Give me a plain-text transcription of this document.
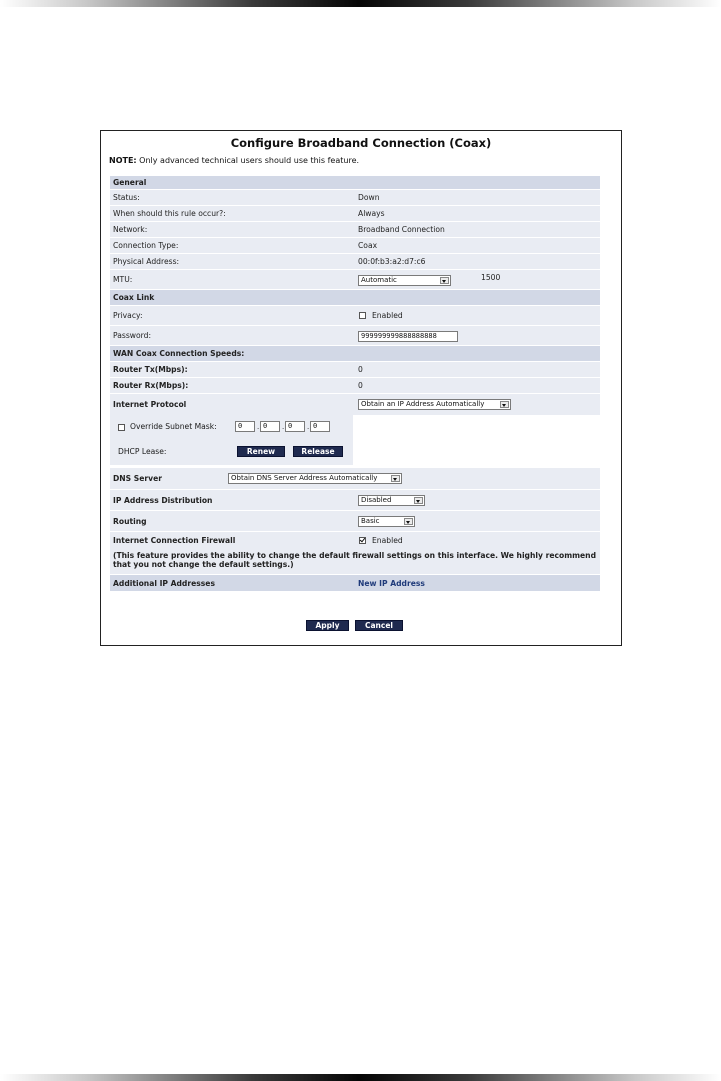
Configure Broadband Connection (Coax)
NOTE: Only advanced technical users should use this feature.
General
Status:	Down
When should this rule occur?:	Always
Network:	Broadband Connection
Connection Type:	Coax
Physical Address:	00:0f:b3:a2:d7:c6
MTU:	Automatic	1500
Coax Link
Privacy:	Enabled
Password:	999999999888888888
WAN Coax Connection Speeds:
Router Tx(Mbps):	0
Router Rx(Mbps):	0
Internet Protocol	Obtain an IP Address Automatically
Override Subnet Mask:	0	. 0	. 0	. 0
DHCP Lease:	Renew	Release
DNS Server	Obtain DNS Server Address Automatically
IP Address Distribution	Disabled
Routing	Basic
Internet Connection Firewall	Enabled
(This feature provides the ability to change the default firewall settings on this interface. We highly recommend that you not change the default settings.)
Additional IP Addresses	New IP Address
Apply	Cancel
